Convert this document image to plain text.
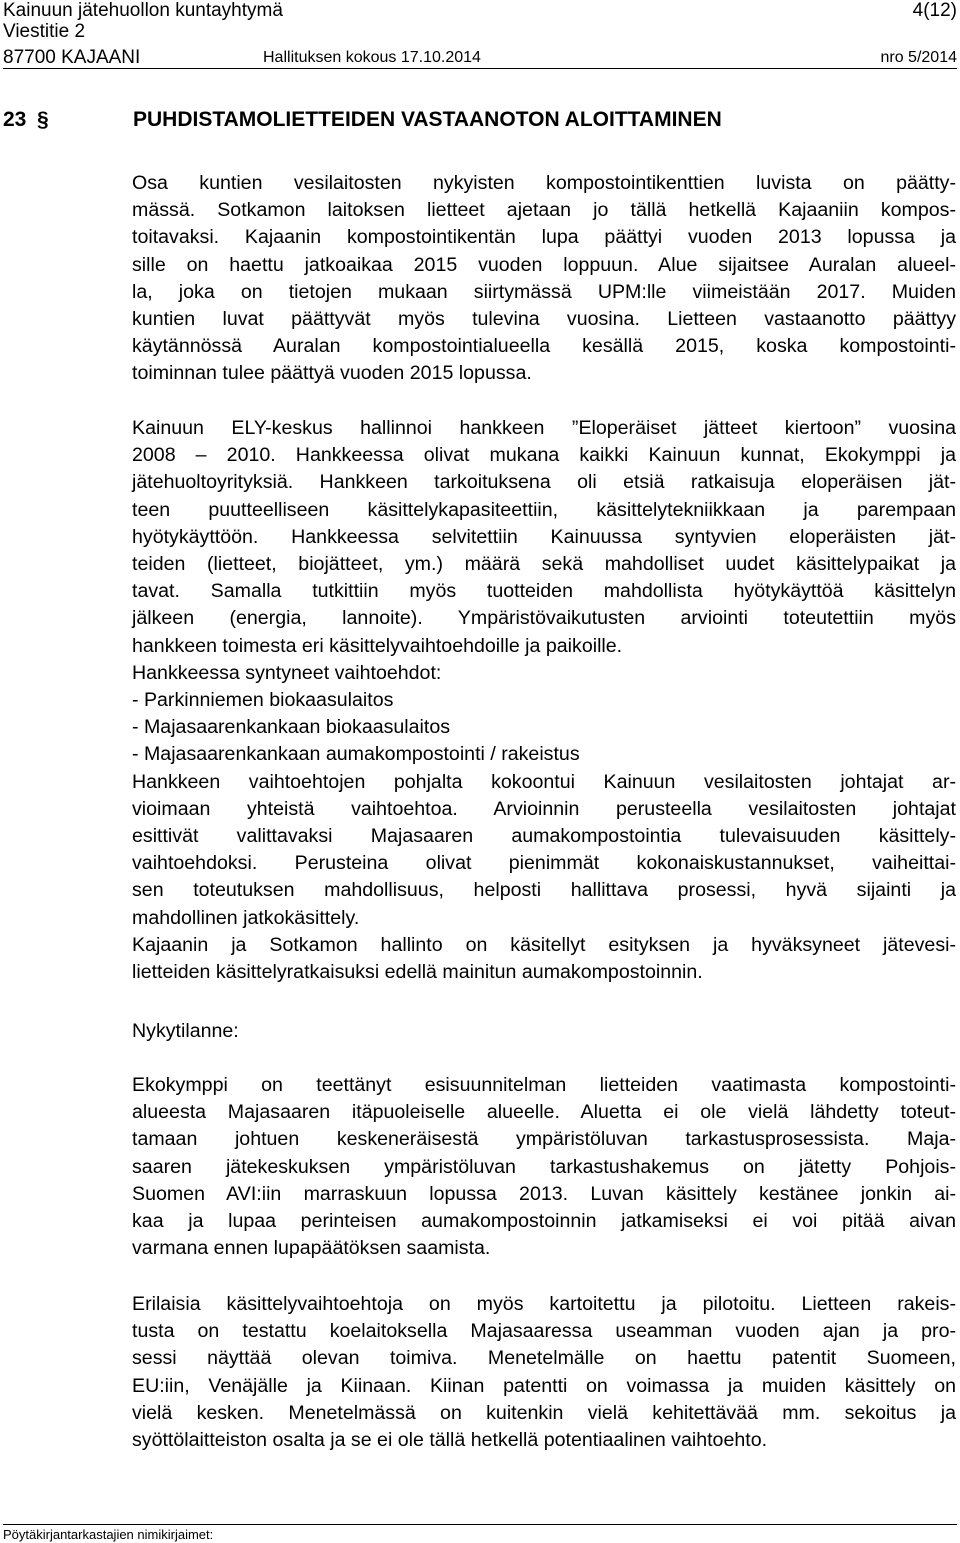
Kainuun jätehuollon kuntayhtymä	4(12)
Viestitie 2
87700 KAJAANI	Hallituksen kokous 17.10.2014	nro 5/2014
23 §	PUHDISTAMOLIETTEIDEN VASTAANOTON ALOITTAMINEN
Osa kuntien vesilaitosten nykyisten kompostointikenttien luvista on päätty-
mässä. Sotkamon laitoksen lietteet ajetaan jo tällä hetkellä Kajaaniin kompos-
toitavaksi. Kajaanin kompostointikentän lupa päättyi vuoden 2013 lopussa ja
sille on haettu jatkoaikaa 2015 vuoden loppuun. Alue sijaitsee Auralan alueel-
la, joka on tietojen mukaan siirtymässä UPM:lle viimeistään 2017. Muiden
kuntien luvat päättyvät myös tulevina vuosina. Lietteen vastaanotto päättyy
käytännössä Auralan kompostointialueella kesällä 2015, koska kompostointi-
toiminnan tulee päättyä vuoden 2015 lopussa.
Kainuun ELY-keskus hallinnoi hankkeen ”Eloperäiset jätteet kiertoon” vuosina
2008 – 2010. Hankkeessa olivat mukana kaikki Kainuun kunnat, Ekokymppi ja
jätehuoltoyrityksiä. Hankkeen tarkoituksena oli etsiä ratkaisuja eloperäisen jät-
teen puutteelliseen käsittelykapasiteettiin, käsittelytekniikkaan ja parempaan
hyötykäyttöön. Hankkeessa selvitettiin Kainuussa syntyvien eloperäisten jät-
teiden (lietteet, biojätteet, ym.) määrä sekä mahdolliset uudet käsittelypaikat ja
tavat. Samalla tutkittiin myös tuotteiden mahdollista hyötykäyttöä käsittelyn
jälkeen (energia, lannoite). Ympäristövaikutusten arviointi toteutettiin myös
hankkeen toimesta eri käsittelyvaihtoehdoille ja paikoille.
Hankkeessa syntyneet vaihtoehdot:
- Parkinniemen biokaasulaitos
- Majasaarenkankaan biokaasulaitos
- Majasaarenkankaan aumakompostointi / rakeistus
Hankkeen vaihtoehtojen pohjalta kokoontui Kainuun vesilaitosten johtajat ar-
vioimaan yhteistä vaihtoehtoa. Arvioinnin perusteella vesilaitosten johtajat
esittivät valittavaksi Majasaaren aumakompostointia tulevaisuuden käsittely-
vaihtoehdoksi. Perusteina olivat pienimmät kokonaiskustannukset, vaiheittai-
sen toteutuksen mahdollisuus, helposti hallittava prosessi, hyvä sijainti ja
mahdollinen jatkokäsittely.
Kajaanin ja Sotkamon hallinto on käsitellyt esityksen ja hyväksyneet jätevesi-
lietteiden käsittelyratkaisuksi edellä mainitun aumakompostoinnin.
Nykytilanne:
Ekokymppi on teettänyt esisuunnitelman lietteiden vaatimasta kompostointi-
alueesta Majasaaren itäpuoleiselle alueelle. Aluetta ei ole vielä lähdetty toteut-
tamaan johtuen keskeneräisestä ympäristöluvan tarkastusprosessista. Maja-
saaren jätekeskuksen ympäristöluvan tarkastushakemus on jätetty Pohjois-
Suomen AVI:iin marraskuun lopussa 2013. Luvan käsittely kestänee jonkin ai-
kaa ja lupaa perinteisen aumakompostoinnin jatkamiseksi ei voi pitää aivan
varmana ennen lupapäätöksen saamista.
Erilaisia käsittelyvaihtoehtoja on myös kartoitettu ja pilotoitu. Lietteen rakeis-
tusta on testattu koelaitoksella Majasaaressa useamman vuoden ajan ja pro-
sessi näyttää olevan toimiva. Menetelmälle on haettu patentit Suomeen,
EU:iin, Venäjälle ja Kiinaan. Kiinan patentti on voimassa ja muiden käsittely on
vielä kesken. Menetelmässä on kuitenkin vielä kehitettävää mm. sekoitus ja
syöttölaitteiston osalta ja se ei ole tällä hetkellä potentiaalinen vaihtoehto.
Pöytäkirjantarkastajien nimikirjaimet:
